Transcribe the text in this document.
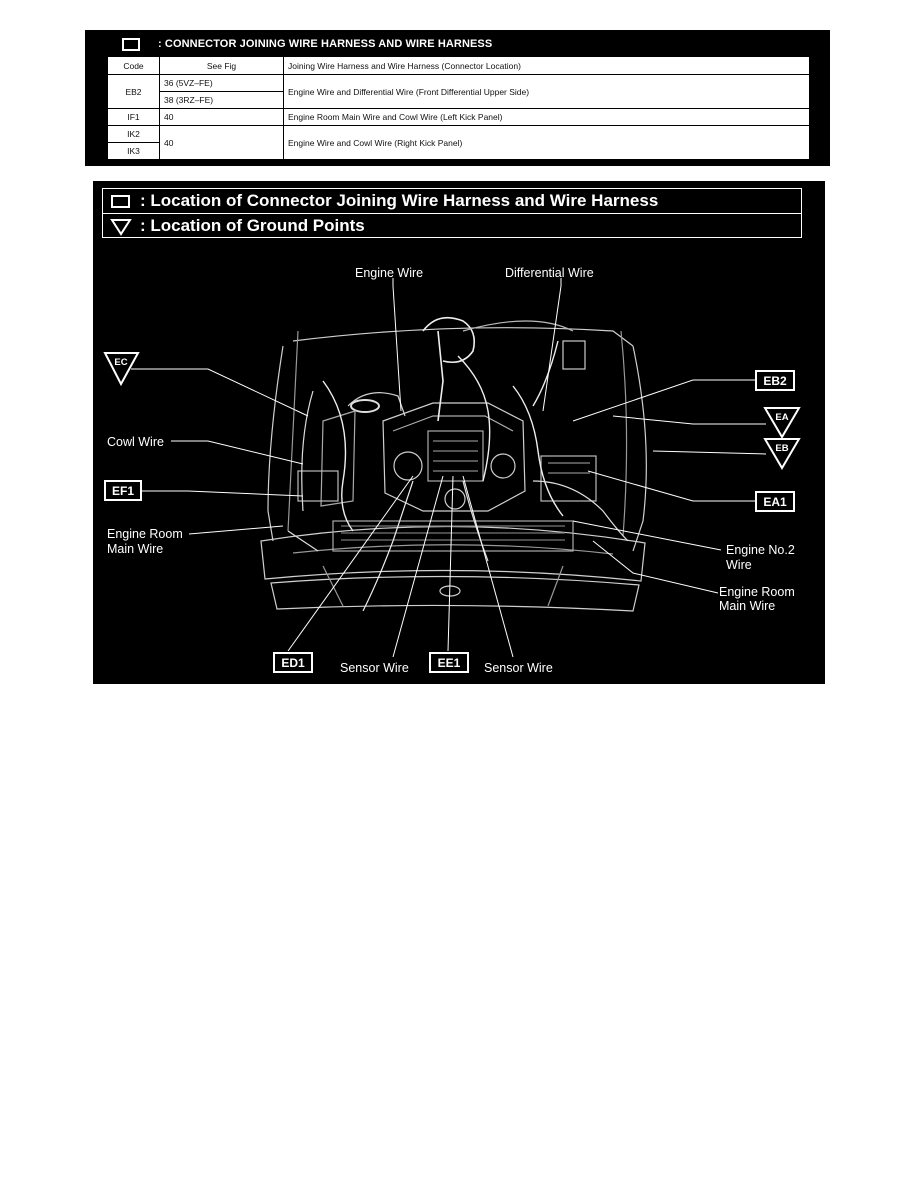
: CONNECTOR JOINING WIRE HARNESS AND WIRE HARNESS
Code	See Fig	Joining Wire Harness and Wire Harness (Connector Location)
EB2	36 (5VZ–FE)	Engine Wire and Differential Wire (Front Differential Upper Side)
	38 (3RZ–FE)	
IF1	40	Engine Room Main Wire and Cowl Wire (Left Kick Panel)
IK2	40	Engine Wire and Cowl Wire (Right Kick Panel)
IK3		
: Location of Connector Joining Wire Harness and Wire Harness
: Location of Ground Points
Engine Wire	Differential Wire
Cowl Wire
Engine Room
Main Wire	Engine No.2
Wire
Engine Room
Main Wire
Sensor Wire	Sensor Wire
EB2
EF1
EA1
ED1	EE1
EC
EA
EB
